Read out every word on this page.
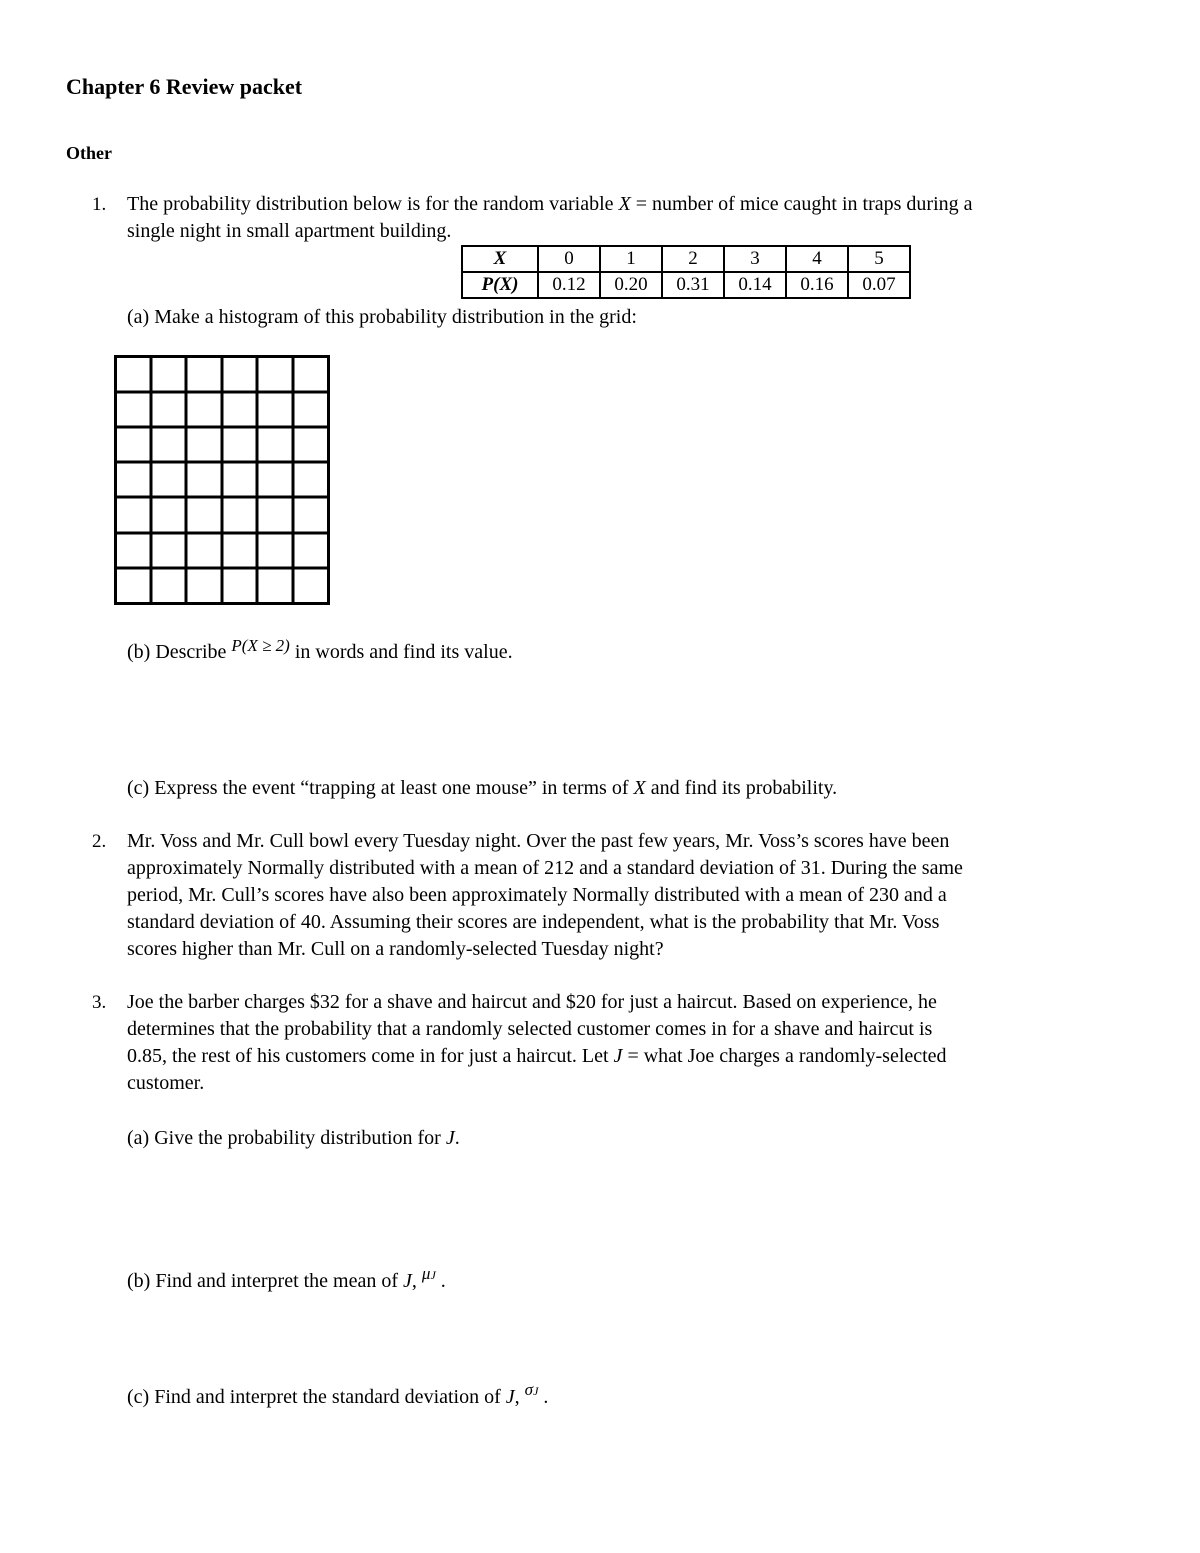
Chapter 6 Review packet
Other
1. The probability distribution below is for the random variable X = number of mice caught in traps during a
single night in small apartment building.
X	0	1	2	3	4	5
P(X)	0.12	0.20	0.31	0.14	0.16	0.07
(a) Make a histogram of this probability distribution in the grid:
(b) Describe $^{P(X \ge 2)}$ in words and find its value.
(c) Express the event “trapping at least one mouse” in terms of X and find its probability.
2. Mr. Voss and Mr. Cull bowl every Tuesday night. Over the past few years, Mr. Voss’s scores have been
approximately Normally distributed with a mean of 212 and a standard deviation of 31. During the same
period, Mr. Cull’s scores have also been approximately Normally distributed with a mean of 230 and a
standard deviation of 40. Assuming their scores are independent, what is the probability that Mr. Voss
scores higher than Mr. Cull on a randomly-selected Tuesday night?
3. Joe the barber charges $32 for a shave and haircut and $20 for just a haircut. Based on experience, he
determines that the probability that a randomly selected customer comes in for a shave and haircut is
0.85, the rest of his customers come in for just a haircut. Let J = what Joe charges a randomly-selected
customer.
(a) Give the probability distribution for J.
(b) Find and interpret the mean of J, μJ .
(c) Find and interpret the standard deviation of J, σJ .
